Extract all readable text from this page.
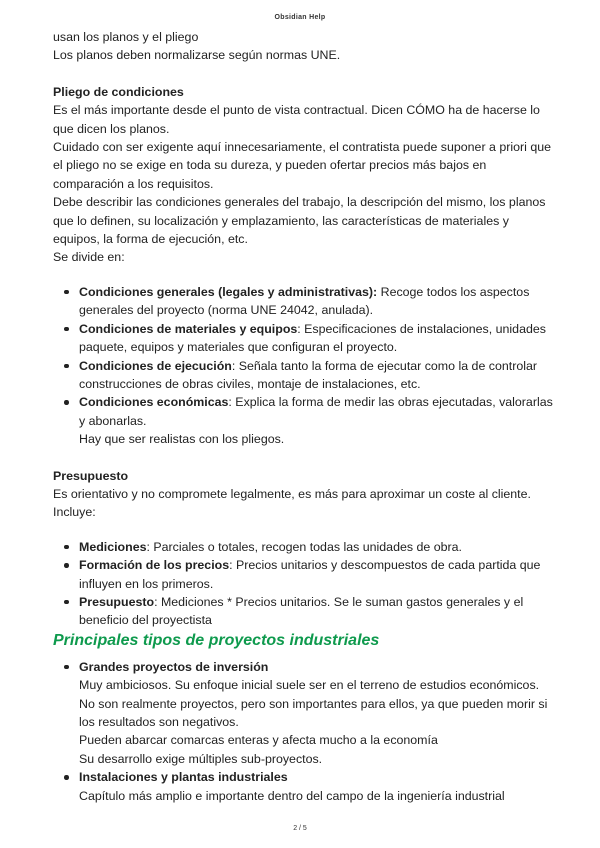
Obsidian Help

usan los planos y el pliego

Los planos deben normalizarse según normas UNE.

Pliego de condiciones

Es el más importante desde el punto de vista contractual. Dicen CÓMO ha de hacerse lo que dicen los planos.

Cuidado con ser exigente aquí innecesariamente, el contratista puede suponer a priori que el pliego no se exige en toda su dureza, y pueden ofertar precios más bajos en comparación a los requisitos.

Debe describir las condiciones generales del trabajo, la descripción del mismo, los planos que lo definen, su localización y emplazamiento, las características de materiales y equipos, la forma de ejecución, etc.

Se divide en:

Condiciones generales (legales y administrativas): Recoge todos los aspectos generales del proyecto (norma UNE 24042, anulada).
Condiciones de materiales y equipos: Especificaciones de instalaciones, unidades paquete, equipos y materiales que configuran el proyecto.
Condiciones de ejecución: Señala tanto la forma de ejecutar como la de controlar construcciones de obras civiles, montaje de instalaciones, etc.
Condiciones económicas: Explica la forma de medir las obras ejecutadas, valorarlas y abonarlas.
Hay que ser realistas con los pliegos.

Presupuesto

Es orientativo y no compromete legalmente, es más para aproximar un coste al cliente. Incluye:

Mediciones: Parciales o totales, recogen todas las unidades de obra.
Formación de los precios: Precios unitarios y descompuestos de cada partida que influyen en los primeros.
Presupuesto: Mediciones * Precios unitarios. Se le suman gastos generales y el beneficio del proyectista

Principales tipos de proyectos industriales

Grandes proyectos de inversión
Muy ambiciosos. Su enfoque inicial suele ser en el terreno de estudios económicos.
No son realmente proyectos, pero son importantes para ellos, ya que pueden morir si los resultados son negativos.
Pueden abarcar comarcas enteras y afecta mucho a la economía
Su desarrollo exige múltiples sub-proyectos.
Instalaciones y plantas industriales
Capítulo más amplio e importante dentro del campo de la ingeniería industrial
2 / 5
